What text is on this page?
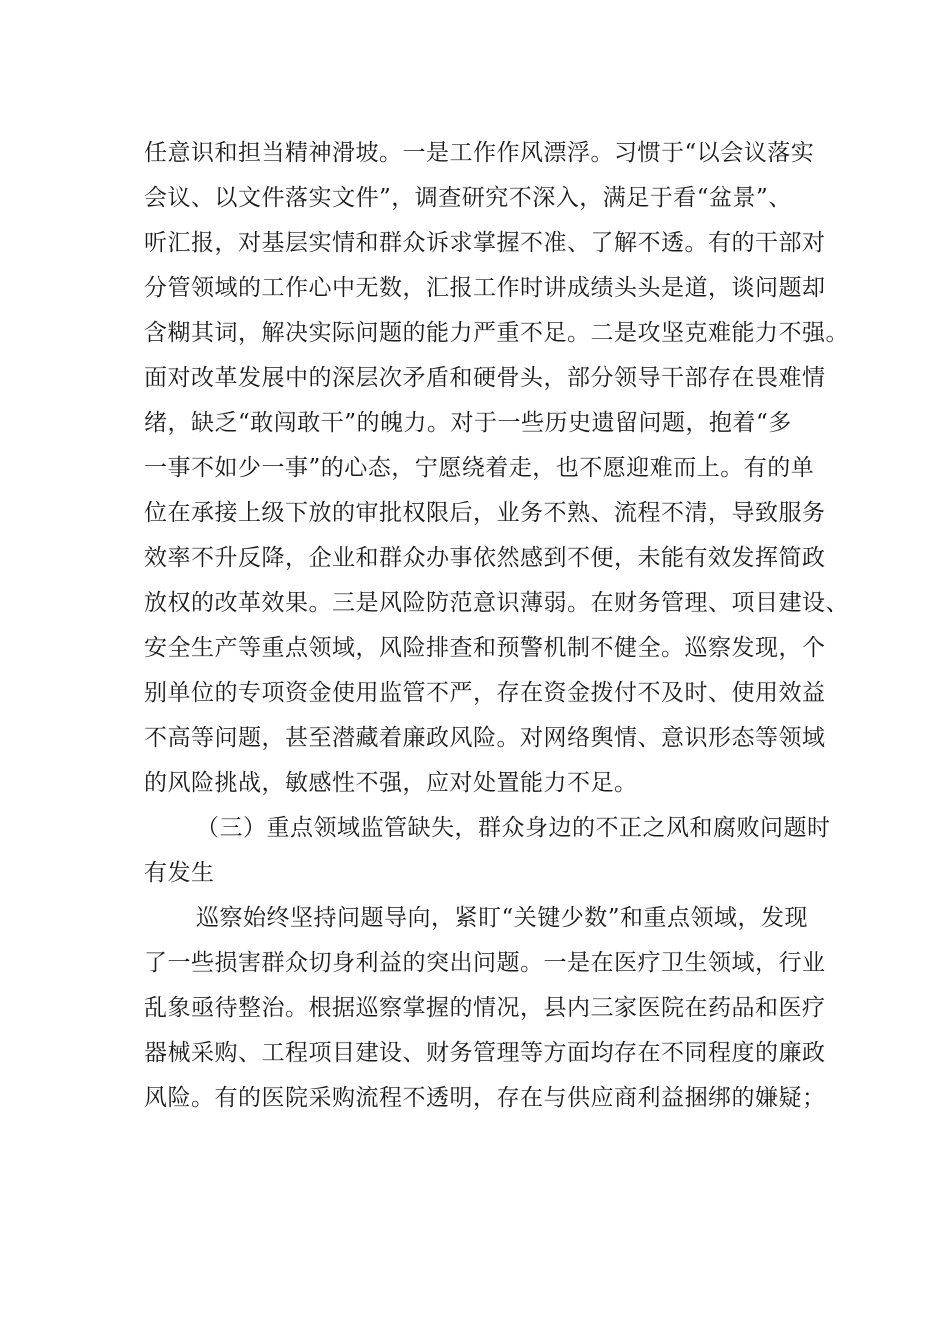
任意识和担当精神滑坡。一是工作作风漂浮。习惯于“以会议落实
会议、以文件落实文件”，调查研究不深入，满足于看“盆景”、
听汇报，对基层实情和群众诉求掌握不准、了解不透。有的干部对
分管领域的工作心中无数，汇报工作时讲成绩头头是道，谈问题却
含糊其词，解决实际问题的能力严重不足。二是攻坚克难能力不强。
面对改革发展中的深层次矛盾和硬骨头，部分领导干部存在畏难情
绪，缺乏“敢闯敢干”的魄力。对于一些历史遗留问题，抱着“多
一事不如少一事”的心态，宁愿绕着走，也不愿迎难而上。有的单
位在承接上级下放的审批权限后，业务不熟、流程不清，导致服务
效率不升反降，企业和群众办事依然感到不便，未能有效发挥简政
放权的改革效果。三是风险防范意识薄弱。在财务管理、项目建设、
安全生产等重点领域，风险排查和预警机制不健全。巡察发现，个
别单位的专项资金使用监管不严，存在资金拨付不及时、使用效益
不高等问题，甚至潜藏着廉政风险。对网络舆情、意识形态等领域
的风险挑战，敏感性不强，应对处置能力不足。
（三）重点领域监管缺失，群众身边的不正之风和腐败问题时
有发生
巡察始终坚持问题导向，紧盯“关键少数”和重点领域，发现
了一些损害群众切身利益的突出问题。一是在医疗卫生领域，行业
乱象亟待整治。根据巡察掌握的情况，县内三家医院在药品和医疗
器械采购、工程项目建设、财务管理等方面均存在不同程度的廉政
风险。有的医院采购流程不透明，存在与供应商利益捆绑的嫌疑；
